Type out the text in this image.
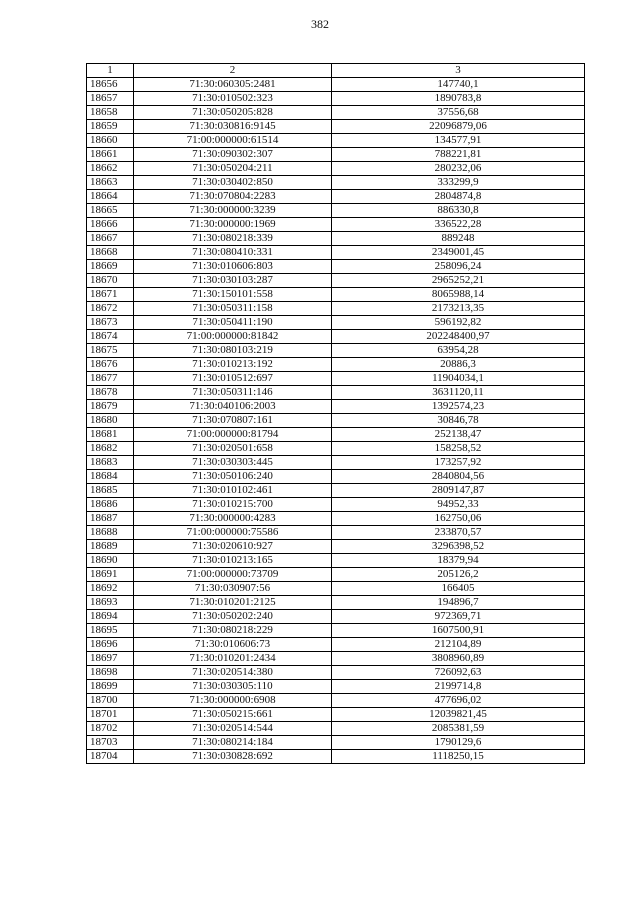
382
1	2	3
18656	71:30:060305:2481	147740,1
18657	71:30:010502:323	1890783,8
18658	71:30:050205:828	37556,68
18659	71:30:030816:9145	22096879,06
18660	71:00:000000:61514	134577,91
18661	71:30:090302:307	788221,81
18662	71:30:050204:211	280232,06
18663	71:30:030402:850	333299,9
18664	71:30:070804:2283	2804874,8
18665	71:30:000000:3239	886330,8
18666	71:30:000000:1969	336522,28
18667	71:30:080218:339	889248
18668	71:30:080410:331	2349001,45
18669	71:30:010606:803	258096,24
18670	71:30:030103:287	2965252,21
18671	71:30:150101:558	8065988,14
18672	71:30:050311:158	2173213,35
18673	71:30:050411:190	596192,82
18674	71:00:000000:81842	202248400,97
18675	71:30:080103:219	63954,28
18676	71:30:010213:192	20886,3
18677	71:30:010512:697	11904034,1
18678	71:30:050311:146	3631120,11
18679	71:30:040106:2003	1392574,23
18680	71:30:070807:161	30846,78
18681	71:00:000000:81794	252138,47
18682	71:30:020501:658	158258,52
18683	71:30:030303:445	173257,92
18684	71:30:050106:240	2840804,56
18685	71:30:010102:461	2809147,87
18686	71:30:010215:700	94952,33
18687	71:30:000000:4283	162750,06
18688	71:00:000000:75586	233870,57
18689	71:30:020610:927	3296398,52
18690	71:30:010213:165	18379,94
18691	71:00:000000:73709	205126,2
18692	71:30:030907:56	166405
18693	71:30:010201:2125	194896,7
18694	71:30:050202:240	972369,71
18695	71:30:080218:229	1607500,91
18696	71:30:010606:73	212104,89
18697	71:30:010201:2434	3808960,89
18698	71:30:020514:380	726092,63
18699	71:30:030305:110	2199714,8
18700	71:30:000000:6908	477696,02
18701	71:30:050215:661	12039821,45
18702	71:30:020514:544	2085381,59
18703	71:30:080214:184	1790129,6
18704	71:30:030828:692	1118250,15
